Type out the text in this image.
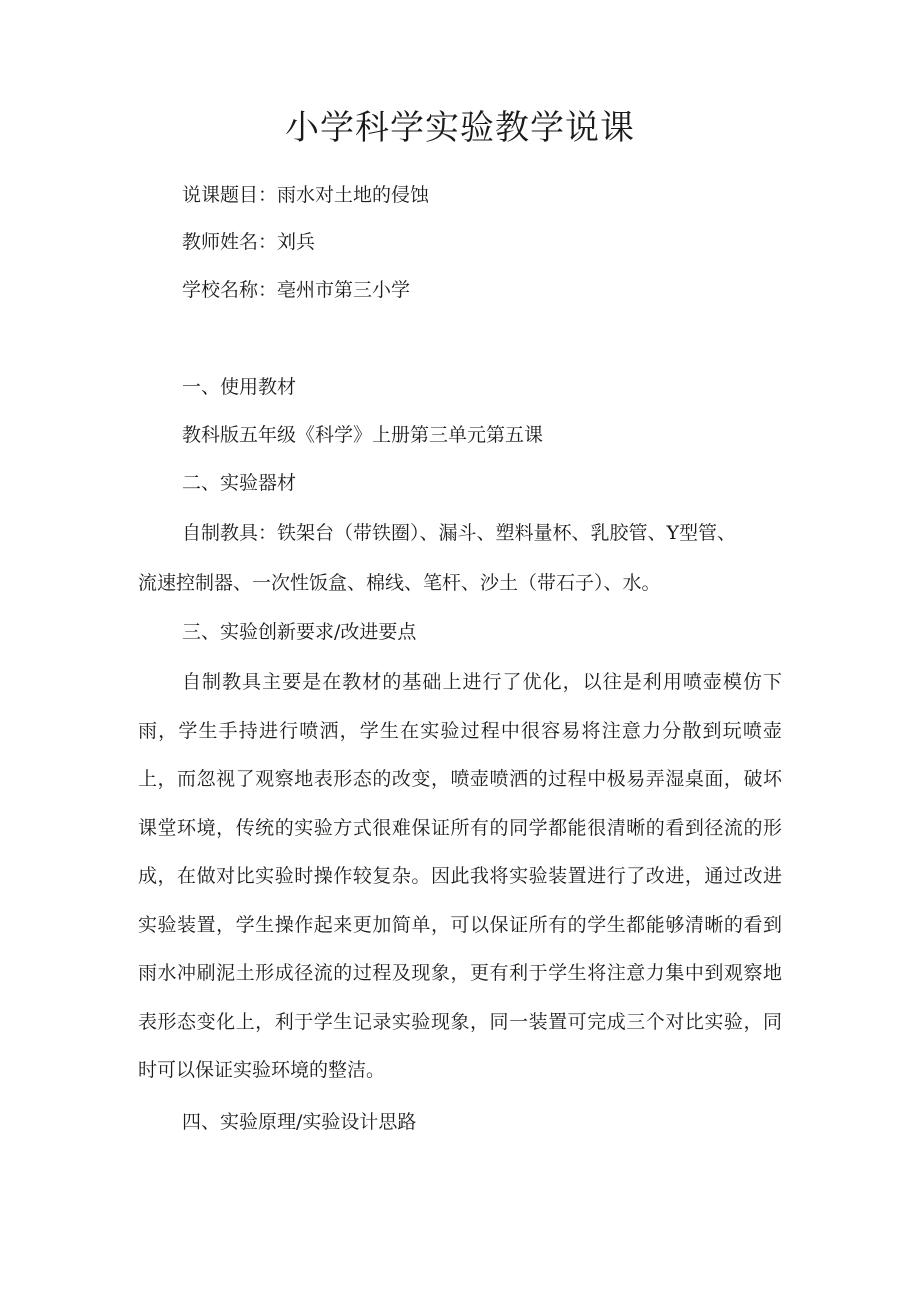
小学科学实验教学说课
说课题目：雨水对土地的侵蚀
教师姓名：刘兵
学校名称：亳州市第三小学
一、使用教材
教科版五年级《科学》上册第三单元第五课
二、实验器材
自制教具：铁架台（带铁圈）、漏斗、塑料量杯、乳胶管、Y型管、
流速控制器、一次性饭盒、棉线、笔杆、沙土（带石子）、水。
三、实验创新要求/改进要点
自制教具主要是在教材的基础上进行了优化，以往是利用喷壶模仿下雨，学生手持进行喷洒，学生在实验过程中很容易将注意力分散到玩喷壶上，而忽视了观察地表形态的改变，喷壶喷洒的过程中极易弄湿桌面，破坏课堂环境，传统的实验方式很难保证所有的同学都能很清晰的看到径流的形成，在做对比实验时操作较复杂。因此我将实验装置进行了改进，通过改进实验装置，学生操作起来更加简单，可以保证所有的学生都能够清晰的看到雨水冲刷泥土形成径流的过程及现象，更有利于学生将注意力集中到观察地表形态变化上，利于学生记录实验现象，同一装置可完成三个对比实验，同时可以保证实验环境的整洁。
四、实验原理/实验设计思路
